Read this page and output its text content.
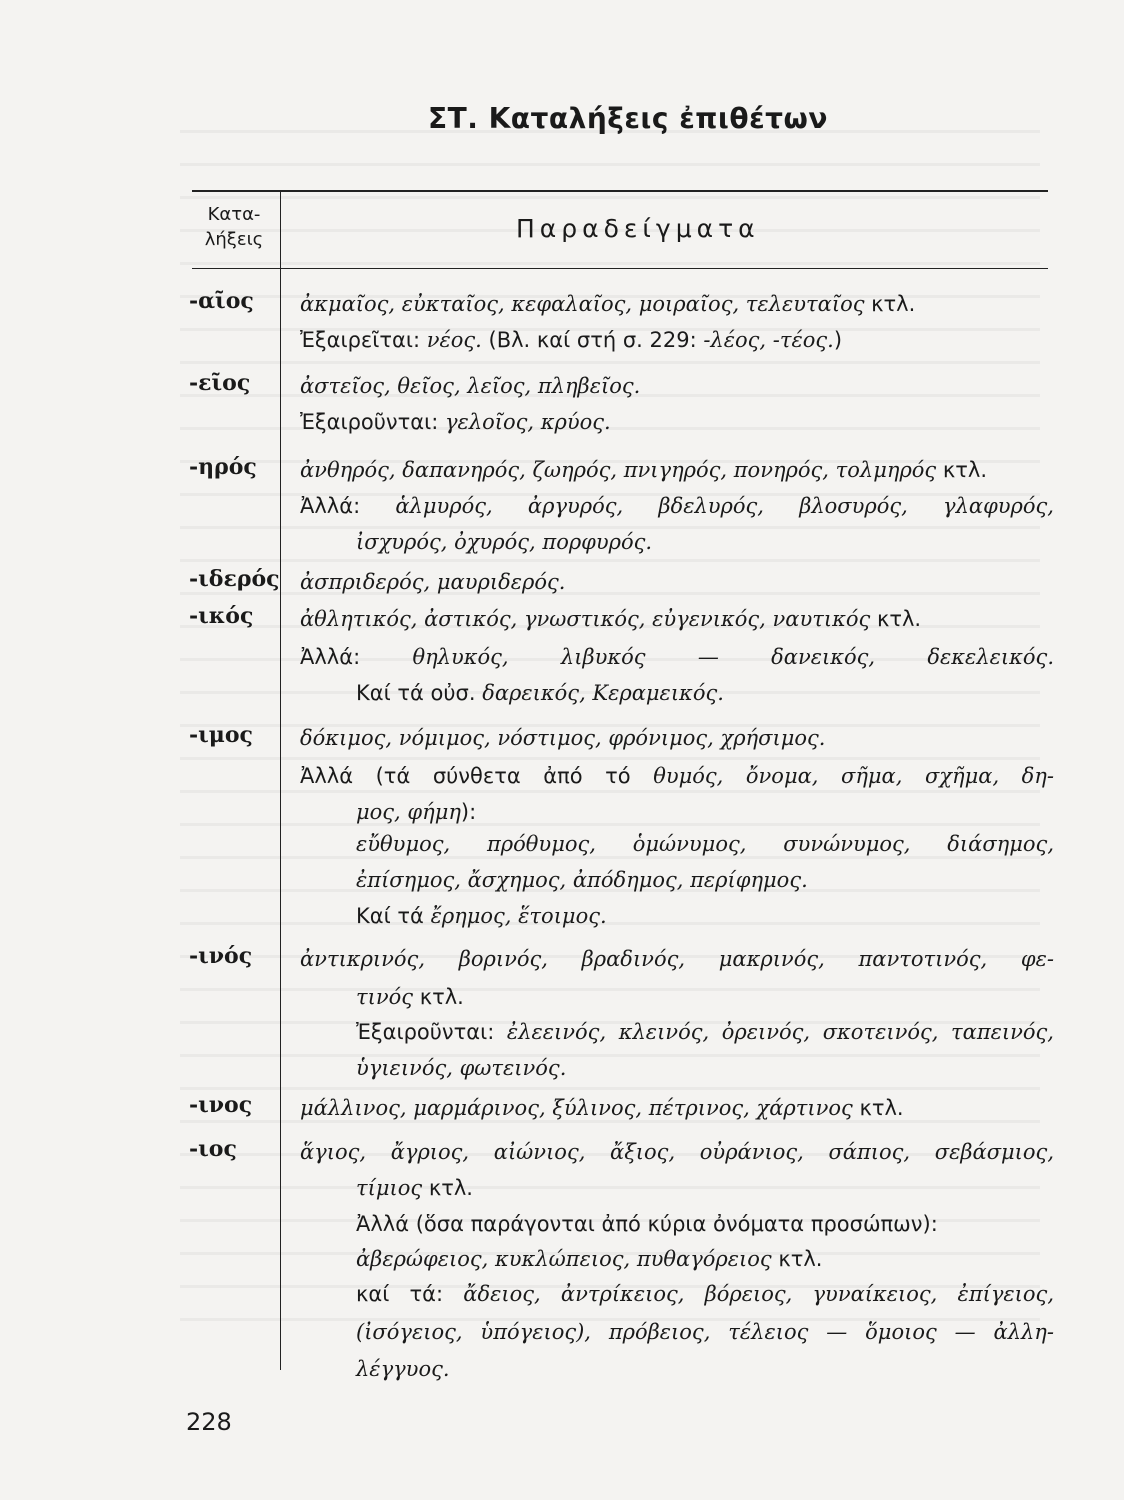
ΣΤ. Καταλήξεις ἐπιθέτων
Κατα-
λήξεις	Παραδείγματα
-αῖος ἀκμαῖος, εὐκταῖος, κεφαλαῖος, μοιραῖος, τελευταῖος κτλ.
Ἐξαιρεῖται: νέος. (Βλ. καί στή σ. 229: -λέος, -τέος.)
-εῖος ἀστεῖος, θεῖος, λεῖος, πληβεῖος.
Ἐξαιροῦνται: γελοῖος, κρύος.
-ηρός ἀνθηρός, δαπανηρός, ζωηρός, πνιγηρός, πονηρός, τολμηρός κτλ.
Ἀλλά: ἁλμυρός, ἀργυρός, βδελυρός, βλοσυρός, γλαφυρός,
ἰσχυρός, ὀχυρός, πορφυρός.
-ιδερός ἀσπριδερός, μαυριδερός.
-ικός ἀθλητικός, ἀστικός, γνωστικός, εὐγενικός, ναυτικός κτλ.
Ἀλλά: θηλυκός, λιβυκός — δανεικός, δεκελεικός.
Καί τά οὐσ. δαρεικός, Κεραμεικός.
-ιμος δόκιμος, νόμιμος, νόστιμος, φρόνιμος, χρήσιμος.
Ἀλλά (τά σύνθετα ἀπό τό θυμός, ὄνομα, σῆμα, σχῆμα, δη-
μος, φήμη):
εὔθυμος, πρόθυμος, ὁμώνυμος, συνώνυμος, διάσημος,
ἐπίσημος, ἄσχημος, ἀπόδημος, περίφημος.
Καί τά ἔρημος, ἕτοιμος.
-ινός ἀντικρινός, βορινός, βραδινός, μακρινός, παντοτινός, φε-
τινός κτλ.
Ἐξαιροῦνται: ἐλεεινός, κλεινός, ὀρεινός, σκοτεινός, ταπεινός,
ὑγιεινός, φωτεινός.
-ινος μάλλινος, μαρμάρινος, ξύλινος, πέτρινος, χάρτινος κτλ.
-ιος	ἅγιος, ἄγριος, αἰώνιος, ἄξιος, οὐράνιος, σάπιος, σεβάσμιος,
τίμιος κτλ.
Ἀλλά (ὅσα παράγονται ἀπό κύρια ὀνόματα προσώπων):
ἀβερώφειος, κυκλώπειος, πυθαγόρειος κτλ.
καί τά: ἄδειος, ἀντρίκειος, βόρειος, γυναίκειος, ἐπίγειος,
(ἰσόγειος, ὑπόγειος), πρόβειος, τέλειος — ὅμοιος — ἀλλη-
λέγγυος.
228
